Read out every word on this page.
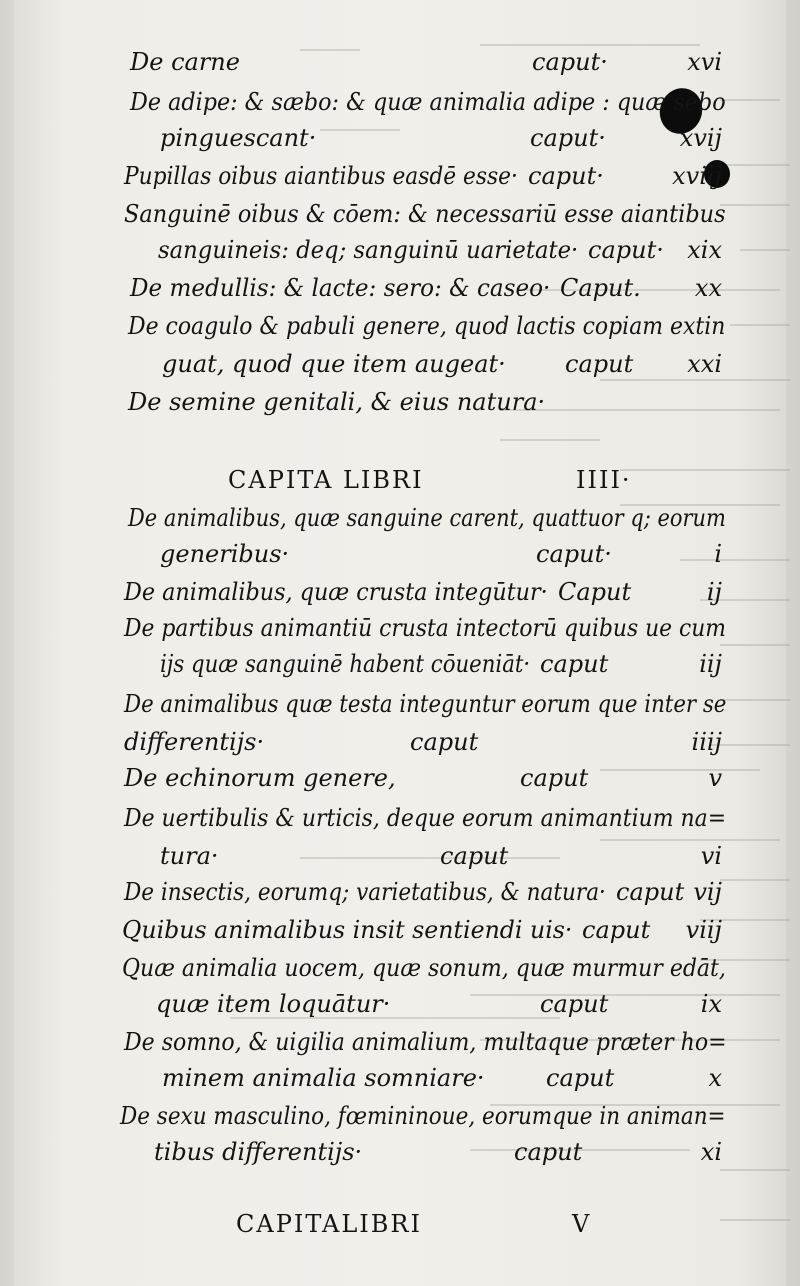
De carne	caput·	xvi
De adipe: & sæbo: & quæ animalia adipe : quæ sebo
pinguescant·	caput·	xvij
Pupillas oibus aiantibus easdē esse· caput·	xviij
Sanguinē oibus & cōem: & necessariū esse aiantibus
sanguineis: deq; sanguinū uarietate· caput· xix
De medullis: & lacte: sero: & caseo· Caput.	xx
De coagulo & pabuli genere, quod lactis copiam extin
guat, quod que item augeat· caput	xxi
De semine genitali, & eius natura·
CAPITA LIBRI	IIII·
De animalibus, quæ sanguine carent, quattuor q; eorum
generibus·	caput·	i
De animalibus, quæ crusta integūtur· Caput	ij
De partibus animantiū crusta intectorū quibus ue cum
ijs quæ sanguinē habent cōueniāt· caput	iij
De animalibus quæ testa integuntur eorum que inter se
differentijs·	caput	iiij
De echinorum genere,	caput	v
De uertibulis & urticis, deque eorum animantium na=
tura·	caput	vi
De insectis, eorumq; varietatibus, & natura· caput vij
Quibus animalibus insit sentiendi uis· caput	viij
Quæ animalia uocem, quæ sonum, quæ murmur edāt,
quæ item loquātur·	caput	ix
De somno, & uigilia animalium, multaque præter ho=
minem animalia somniare·	caput	x
De sexu masculino, fœmininoue, eorumque in animan=
tibus differentijs·	caput	xi
CAPITALIBRI	V
